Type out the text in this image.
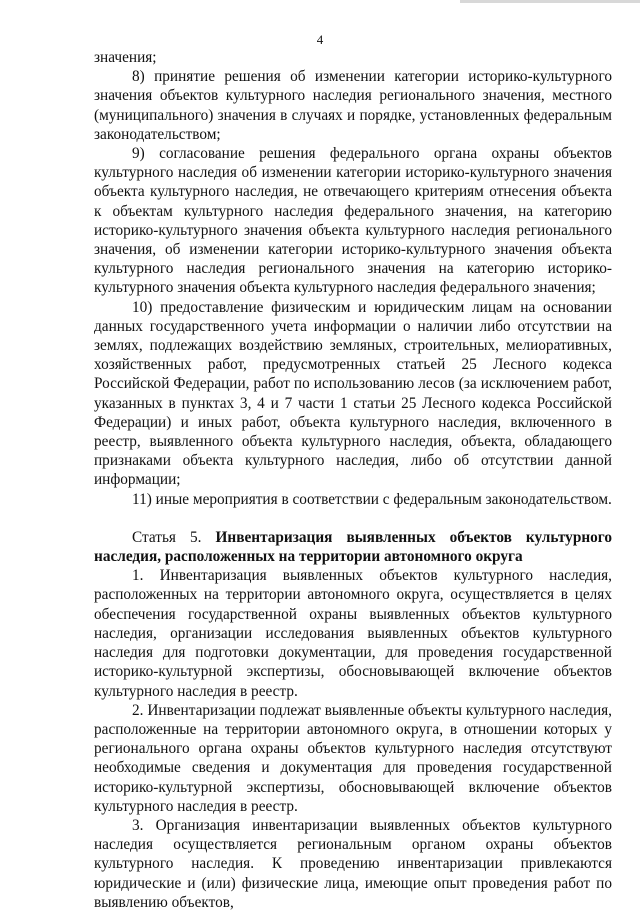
4

значения;

8) принятие решения об изменении категории историко-культурного значения объектов культурного наследия регионального значения, местного (муниципального) значения в случаях и порядке, установленных федеральным законодательством;

9) согласование решения федерального органа охраны объектов культурного наследия об изменении категории историко-культурного значения объекта культурного наследия, не отвечающего критериям отнесения объекта к объектам культурного наследия федерального значения, на категорию историко-культурного значения объекта культурного наследия регионального значения, об изменении категории историко-культурного значения объекта культурного наследия регионального значения на категорию историко-культурного значения объекта культурного наследия федерального значения;

10) предоставление физическим и юридическим лицам на основании данных государственного учета информации о наличии либо отсутствии на землях, подлежащих воздействию земляных, строительных, мелиоративных, хозяйственных работ, предусмотренных статьей 25 Лесного кодекса Российской Федерации, работ по использованию лесов (за исключением работ, указанных в пунктах 3, 4 и 7 части 1 статьи 25 Лесного кодекса Российской Федерации) и иных работ, объекта культурного наследия, включенного в реестр, выявленного объекта культурного наследия, объекта, обладающего признаками объекта культурного наследия, либо об отсутствии данной информации;

11) иные мероприятия в соответствии с федеральным законодательством.

Статья 5. Инвентаризация выявленных объектов культурного наследия, расположенных на территории автономного округа

1. Инвентаризация выявленных объектов культурного наследия, расположенных на территории автономного округа, осуществляется в целях обеспечения государственной охраны выявленных объектов культурного наследия, организации исследования выявленных объектов культурного наследия для подготовки документации, для проведения государственной историко-культурной экспертизы, обосновывающей включение объектов культурного наследия в реестр.

2. Инвентаризации подлежат выявленные объекты культурного наследия, расположенные на территории автономного округа, в отношении которых у регионального органа охраны объектов культурного наследия отсутствуют необходимые сведения и документация для проведения государственной историко-культурной экспертизы, обосновывающей включение объектов культурного наследия в реестр.

3. Организация инвентаризации выявленных объектов культурного наследия осуществляется региональным органом охраны объектов культурного наследия. К проведению инвентаризации привлекаются юридические и (или) физические лица, имеющие опыт проведения работ по выявлению объектов,
